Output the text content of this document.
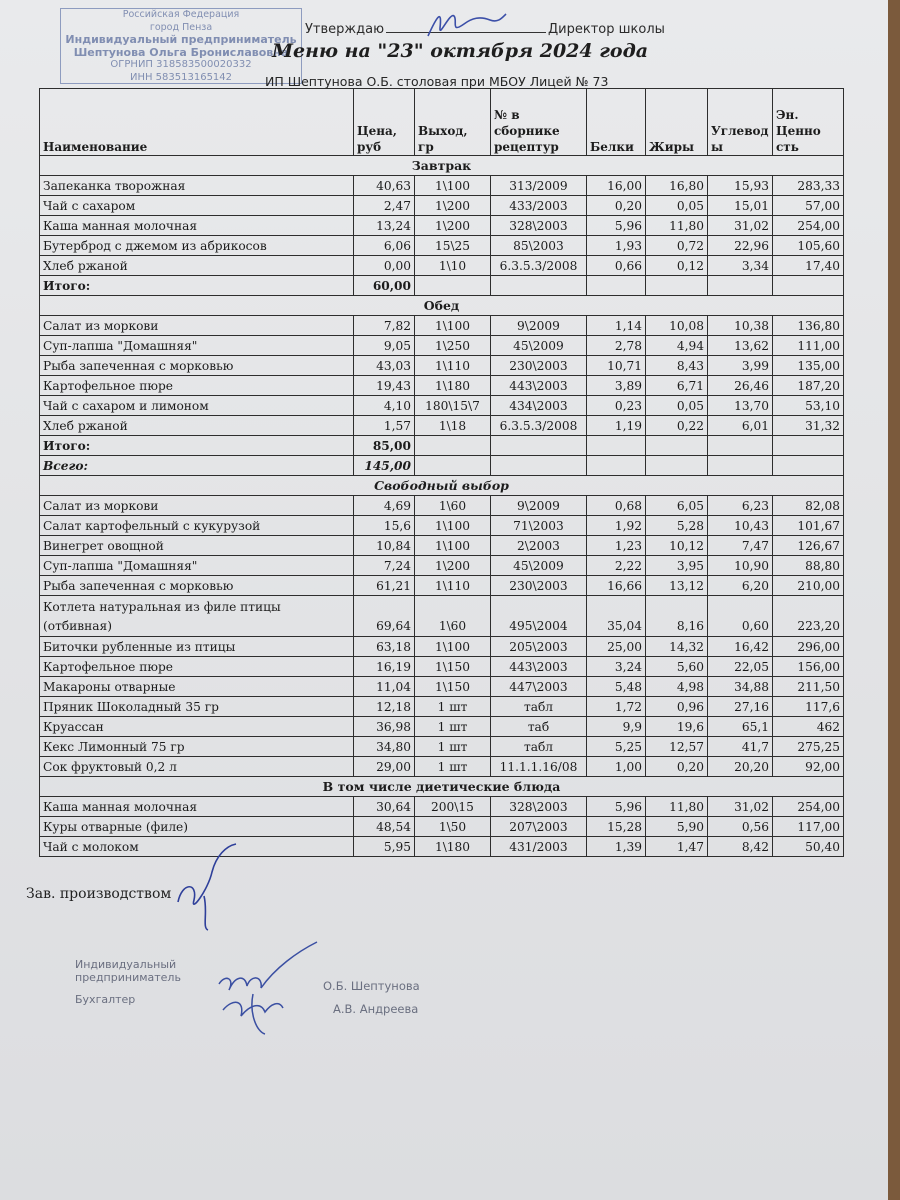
Российская Федерация
город Пенза
Индивидуальный предприниматель
Шептунова Ольга Брониславовна
ОГРНИП 318583500020332
ИНН 583513165142
Утверждаю	Директор школы
Меню на "23" октября 2024 года
ИП Шептунова О.Б. столовая при МБОУ Лицей № 73
Наименование	Цена, руб	Выход, гр	№ в сборнике рецептур	Белки	Жиры	Углевод ы	Эн. Ценно сть
Завтрак							
Запеканка творожная	40,63	1\100	313/2009	16,00	16,80	15,93	283,33
Чай с сахаром	2,47	1\200	433/2003	0,20	0,05	15,01	57,00
Каша манная молочная	13,24	1\200	328\2003	5,96	11,80	31,02	254,00
Бутерброд с джемом из абрикосов	6,06	15\25	85\2003	1,93	0,72	22,96	105,60
Хлеб ржаной	0,00	1\10	6.3.5.3/2008	0,66	0,12	3,34	17,40
Итого:	60,00						
Обед							
Салат из моркови	7,82	1\100	9\2009	1,14	10,08	10,38	136,80
Суп-лапша "Домашняя"	9,05	1\250	45\2009	2,78	4,94	13,62	111,00
Рыба запеченная с морковью	43,03	1\110	230\2003	10,71	8,43	3,99	135,00
Картофельное пюре	19,43	1\180	443\2003	3,89	6,71	26,46	187,20
Чай с сахаром и лимоном	4,10	180\15\7	434\2003	0,23	0,05	13,70	53,10
Хлеб ржаной	1,57	1\18	6.3.5.3/2008	1,19	0,22	6,01	31,32
Итого:	85,00						
Всего:	145,00						
Свободный выбор							
Салат из моркови	4,69	1\60	9\2009	0,68	6,05	6,23	82,08
Салат картофельный с кукурузой	15,6	1\100	71\2003	1,92	5,28	10,43	101,67
Винегрет овощной	10,84	1\100	2\2003	1,23	10,12	7,47	126,67
Суп-лапша "Домашняя"	7,24	1\200	45\2009	2,22	3,95	10,90	88,80
Рыба запеченная с морковью	61,21	1\110	230\2003	16,66	13,12	6,20	210,00
Котлета натуральная из филе птицы (отбивная)	69,64	1\60	495\2004	35,04	8,16	0,60	223,20
Биточки рубленные из птицы	63,18	1\100	205\2003	25,00	14,32	16,42	296,00
Картофельное пюре	16,19	1\150	443\2003	3,24	5,60	22,05	156,00
Макароны отварные	11,04	1\150	447\2003	5,48	4,98	34,88	211,50
Пряник Шоколадный 35 гр	12,18	1 шт	табл	1,72	0,96	27,16	117,6
Круассан	36,98	1 шт	таб	9,9	19,6	65,1	462
Кекс Лимонный 75 гр	34,80	1 шт	табл	5,25	12,57	41,7	275,25
Сок фруктовый 0,2 л	29,00	1 шт	11.1.1.16/08	1,00	0,20	20,20	92,00
В том числе диетические блюда							
Каша манная молочная	30,64	200\15	328\2003	5,96	11,80	31,02	254,00
Куры отварные (филе)	48,54	1\50	207\2003	15,28	5,90	0,56	117,00
Чай с молоком	5,95	1\180	431/2003	1,39	1,47	8,42	50,40
Зав. производством
Индивидуальный предприниматель
Бухгалтер
О.Б. Шептунова
А.В. Андреева
